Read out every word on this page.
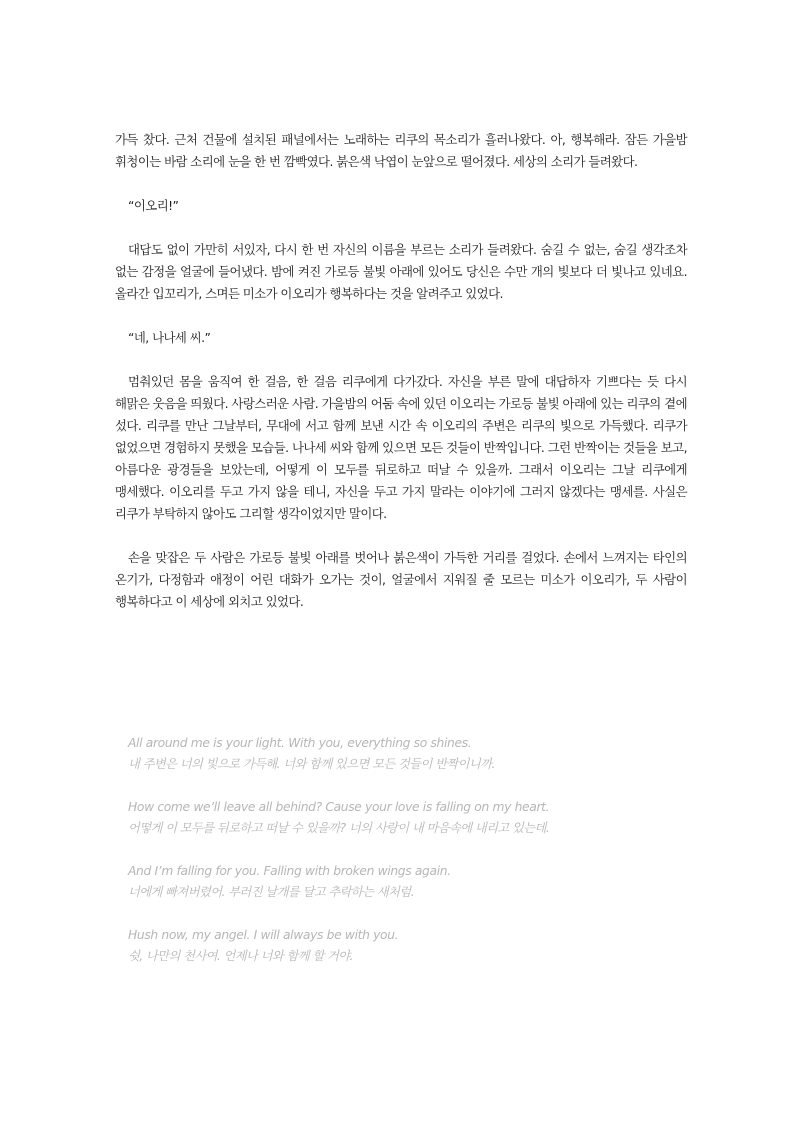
가득 찼다. 근처 건물에 설치된 패널에서는 노래하는 리쿠의 목소리가 흘러나왔다. 아, 행복해라. 잠든 가을밤 휘청이는 바람 소리에 눈을 한 번 깜빡였다. 붉은색 낙엽이 눈앞으로 떨어졌다. 세상의 소리가 들려왔다.

“이오리!”

대답도 없이 가만히 서있자, 다시 한 번 자신의 이름을 부르는 소리가 들려왔다. 숨길 수 없는, 숨길 생각조차 없는 감정을 얼굴에 들어냈다. 밤에 켜진 가로등 불빛 아래에 있어도 당신은 수만 개의 빛보다 더 빛나고 있네요. 올라간 입꼬리가, 스며든 미소가 이오리가 행복하다는 것을 알려주고 있었다.

“네, 나나세 씨.”

멈춰있던 몸을 움직여 한 걸음, 한 걸음 리쿠에게 다가갔다. 자신을 부른 말에 대답하자 기쁘다는 듯 다시 해맑은 웃음을 띄웠다. 사랑스러운 사람. 가을밤의 어둠 속에 있던 이오리는 가로등 불빛 아래에 있는 리쿠의 곁에 섰다. 리쿠를 만난 그날부터, 무대에 서고 함께 보낸 시간 속 이오리의 주변은 리쿠의 빛으로 가득했다. 리쿠가 없었으면 경험하지 못했을 모습들. 나나세 씨와 함께 있으면 모든 것들이 반짝입니다. 그런 반짝이는 것들을 보고, 아름다운 광경들을 보았는데, 어떻게 이 모두를 뒤로하고 떠날 수 있을까. 그래서 이오리는 그날 리쿠에게 맹세했다. 이오리를 두고 가지 않을 테니, 자신을 두고 가지 말라는 이야기에 그러지 않겠다는 맹세를. 사실은 리쿠가 부탁하지 않아도 그리할 생각이었지만 말이다.

손을 맞잡은 두 사람은 가로등 불빛 아래를 벗어나 붉은색이 가득한 거리를 걸었다. 손에서 느껴지는 타인의 온기가, 다정함과 애정이 어린 대화가 오가는 것이, 얼굴에서 지워질 줄 모르는 미소가 이오리가, 두 사람이 행복하다고 이 세상에 외치고 있었다.

All around me is your light. With you, everything so shines.

내 주변은 너의 빛으로 가득해. 너와 함께 있으면 모든 것들이 반짝이니까.

How come we’ll leave all behind? Cause your love is falling on my heart.

어떻게 이 모두를 뒤로하고 떠날 수 있을까? 너의 사랑이 내 마음속에 내리고 있는데.

And I’m falling for you. Falling with broken wings again.

너에게 빠져버렸어. 부러진 날개를 달고 추락하는 새처럼.

Hush now, my angel. I will always be with you.

쉿, 나만의 천사여. 언제나 너와 함께 할 거야.
